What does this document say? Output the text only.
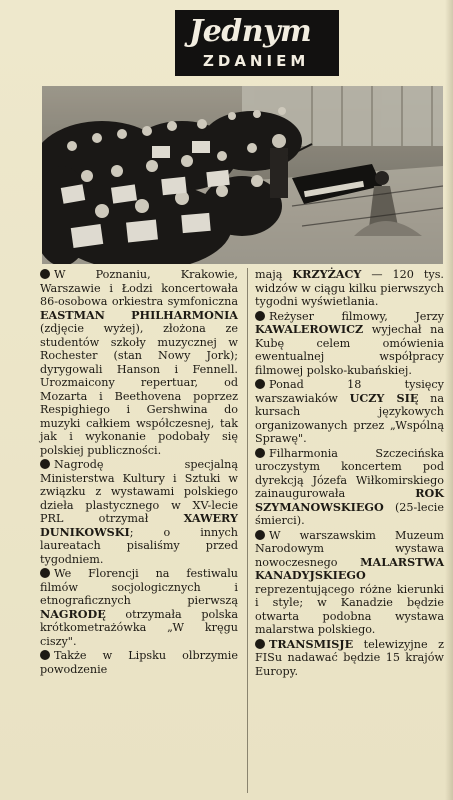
Jednym
ZDANIEM
W Poznaniu, Krakowie, Warszawie i Łodzi koncertowała 86-osobowa orkiestra symfoniczna EASTMAN PHILHARMONIA (zdjęcie wyżej), złożona ze studentów szkoły muzycznej w Rochester (stan Nowy Jork); dyrygowali Hanson i Fennell. Urozmaicony repertuar, od Mozarta i Beethovena poprzez Respighiego i Gershwina do muzyki całkiem współczesnej, tak jak i wykonanie podobały się polskiej publiczności.
Nagrodę specjalną Ministerstwa Kultury i Sztuki w związku z wystawami polskiego dzieła plastycznego w XV-lecie PRL otrzymał XAWERY DUNIKOWSKI; o innych laureatach pisaliśmy przed tygodniem.
We Florencji na festiwalu filmów socjologicznych i etnograficznych pierwszą NAGRODĘ otrzymała polska krótkometrażówka „W kręgu ciszy".
Także w Lipsku olbrzymie powodzenie
mają KRZYŻACY — 120 tys. widzów w ciągu kilku pierwszych tygodni wyświetlania.
Reżyser filmowy, Jerzy KAWALEROWICZ wyjechał na Kubę celem omówienia ewentualnej współpracy filmowej polsko-kubańskiej.
Ponad 18 tysięcy warszawiaków UCZY SIĘ na kursach językowych organizowanych przez „Wspólną Sprawę".
Filharmonia Szczecińska uroczystym koncertem pod dyrekcją Józefa Wiłkomirskiego zainaugurowała ROK SZYMANOWSKIEGO (25-lecie śmierci).
W warszawskim Muzeum Narodowym wystawa nowoczesnego MALARSTWA KANADYJSKIEGO reprezentującego różne kierunki i style; w Kanadzie będzie otwarta podobna wystawa malarstwa polskiego.
TRANSMISJE telewizyjne z FISu nadawać będzie 15 krajów Europy.
